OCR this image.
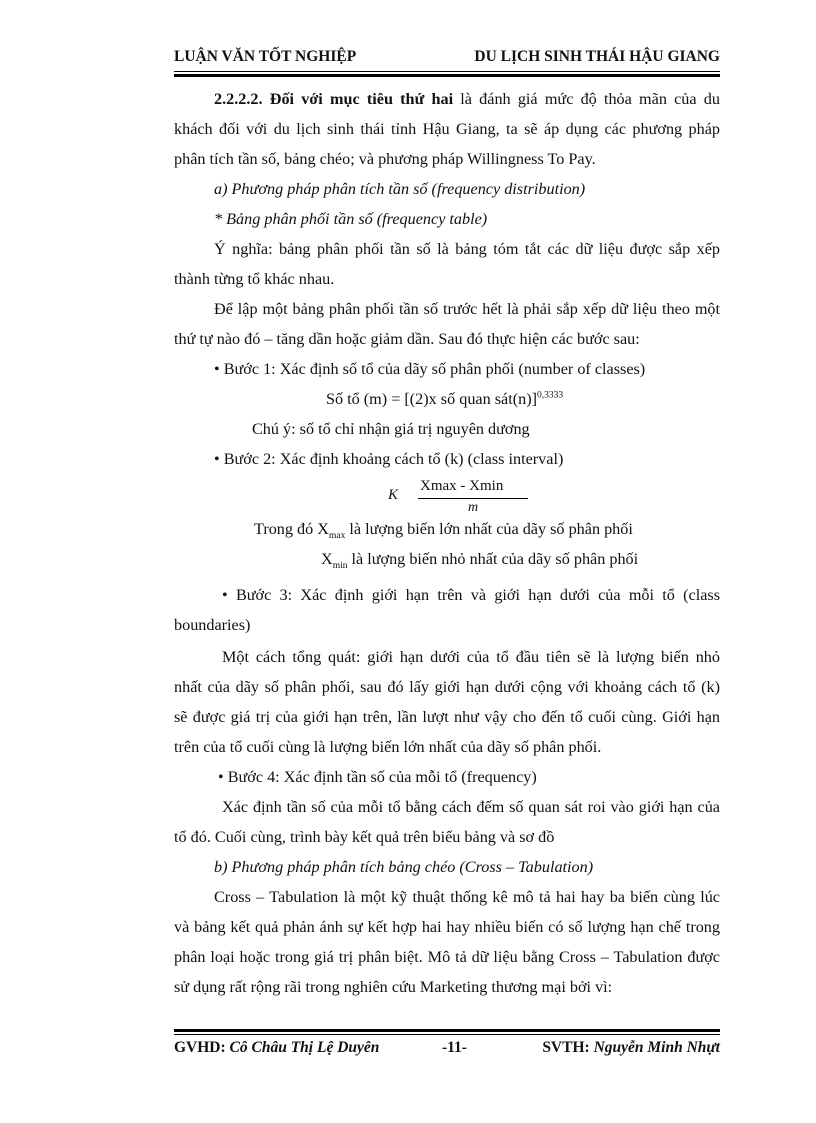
LUẬN VĂN TỐT NGHIỆP	DU LỊCH SINH THÁI HẬU GIANG
2.2.2.2. Đối với mục tiêu thứ hai là đánh giá mức độ thỏa mãn của du
khách đối với du lịch sinh thái tỉnh Hậu Giang, ta sẽ áp dụng các phương pháp
phân tích tần số, bảng chéo; và phương pháp Willingness To Pay.
a) Phương pháp phân tích tần số (frequency distribution)
* Bảng phân phối tần số (frequency table)
Ý nghĩa: bảng phân phối tần số là bảng tóm tắt các dữ liệu được sắp xếp
thành từng tổ khác nhau.
Để lập một bảng phân phối tần số trước hết là phải sắp xếp dữ liệu theo một
thứ tự nào đó – tăng dần hoặc giảm dần. Sau đó thực hiện các bước sau:
• Bước 1: Xác định số tổ của dãy số phân phối (number of classes)
Số tổ (m) = [(2)x số quan sát(n)]$^{0,3333}$
Chú ý: số tổ chỉ nhận giá trị nguyên dương
• Bước 2: Xác định khoảng cách tổ (k) (class interval)
Trong đó $X_{max}$ là lượng biến lớn nhất của dãy số phân phối
$X_{min}$ là lượng biến nhỏ nhất của dãy số phân phối
• Bước 3: Xác định giới hạn trên và giới hạn dưới của mỗi tổ (class
boundaries)
Một cách tổng quát: giới hạn dưới của tổ đầu tiên sẽ là lượng biến nhỏ
nhất của dãy số phân phối, sau đó lấy giới hạn dưới cộng với khoảng cách tổ (k)
sẽ được giá trị của giới hạn trên, lần lượt như vậy cho đến tổ cuối cùng. Giới hạn
trên của tổ cuối cùng là lượng biến lớn nhất của dãy số phân phối.
• Bước 4: Xác định tần số của mỗi tổ (frequency)
Xác định tần số của mỗi tổ bằng cách đếm số quan sát roi vào giới hạn của
tổ đó. Cuối cùng, trình bày kết quả trên biểu bảng và sơ đồ
b) Phương pháp phân tích bảng chéo (Cross – Tabulation)
Cross – Tabulation là một kỹ thuật thống kê mô tả hai hay ba biến cùng lúc
và bảng kết quả phản ánh sự kết hợp hai hay nhiều biến có số lượng hạn chế trong
phân loại hoặc trong giá trị phân biệt. Mô tả dữ liệu bằng Cross – Tabulation được
sử dụng rất rộng rãi trong nghiên cứu Marketing thương mại bởi vì:
K
Xmax - Xmin
m
GVHD: Cô Châu Thị Lệ Duyên	-11-	SVTH: Nguyễn Minh Nhựt
